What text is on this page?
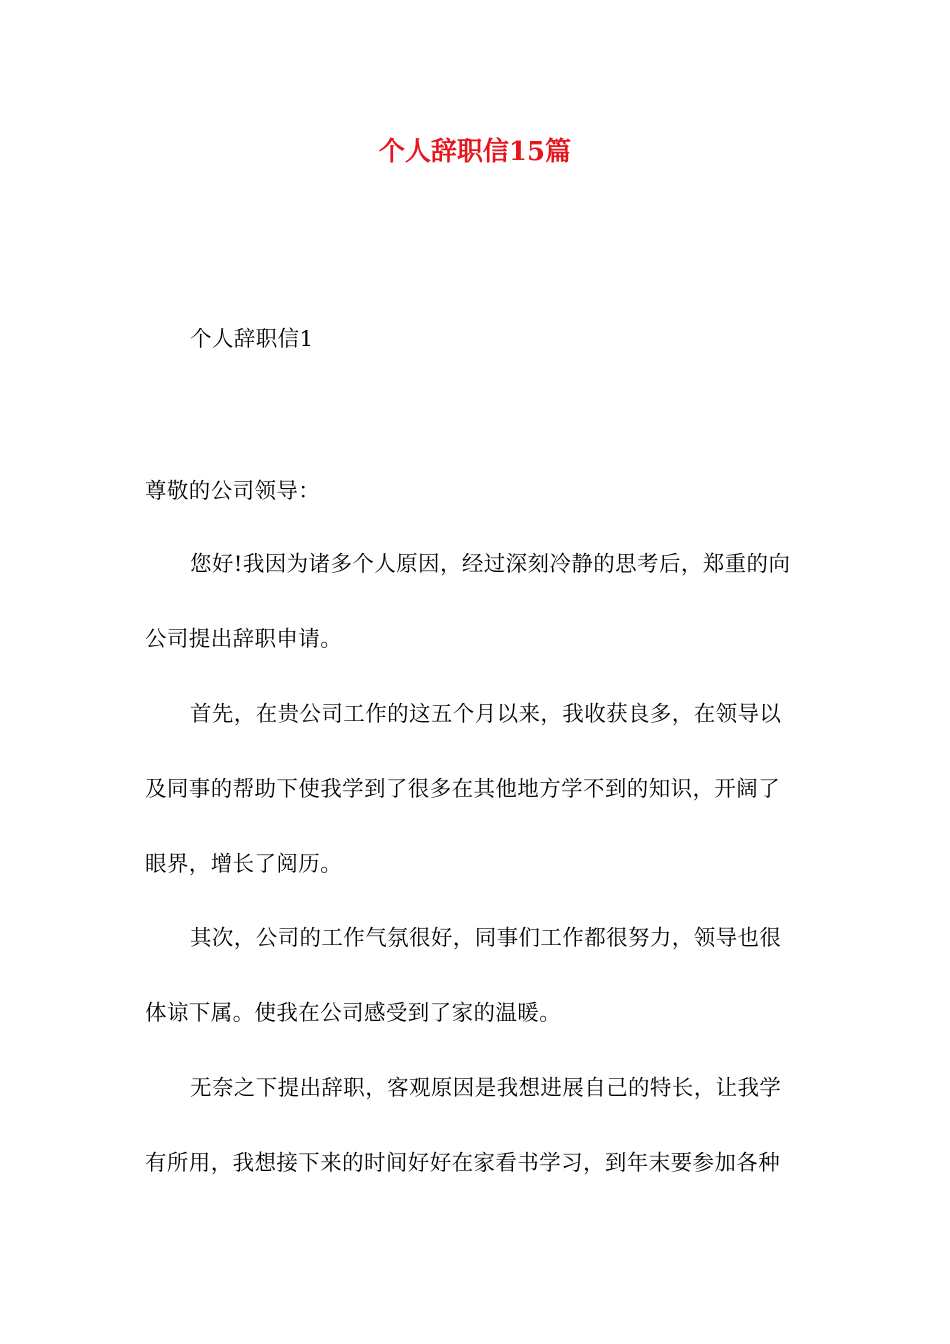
个人辞职信15篇
个人辞职信1
尊敬的公司领导：
您好!我因为诸多个人原因，经过深刻冷静的思考后，郑重的向
公司提出辞职申请。
首先，在贵公司工作的这五个月以来，我收获良多，在领导以
及同事的帮助下使我学到了很多在其他地方学不到的知识，开阔了
眼界，增长了阅历。
其次，公司的工作气氛很好，同事们工作都很努力，领导也很
体谅下属。使我在公司感受到了家的温暖。
无奈之下提出辞职，客观原因是我想进展自己的特长，让我学
有所用，我想接下来的时间好好在家看书学习，到年末要参加各种
